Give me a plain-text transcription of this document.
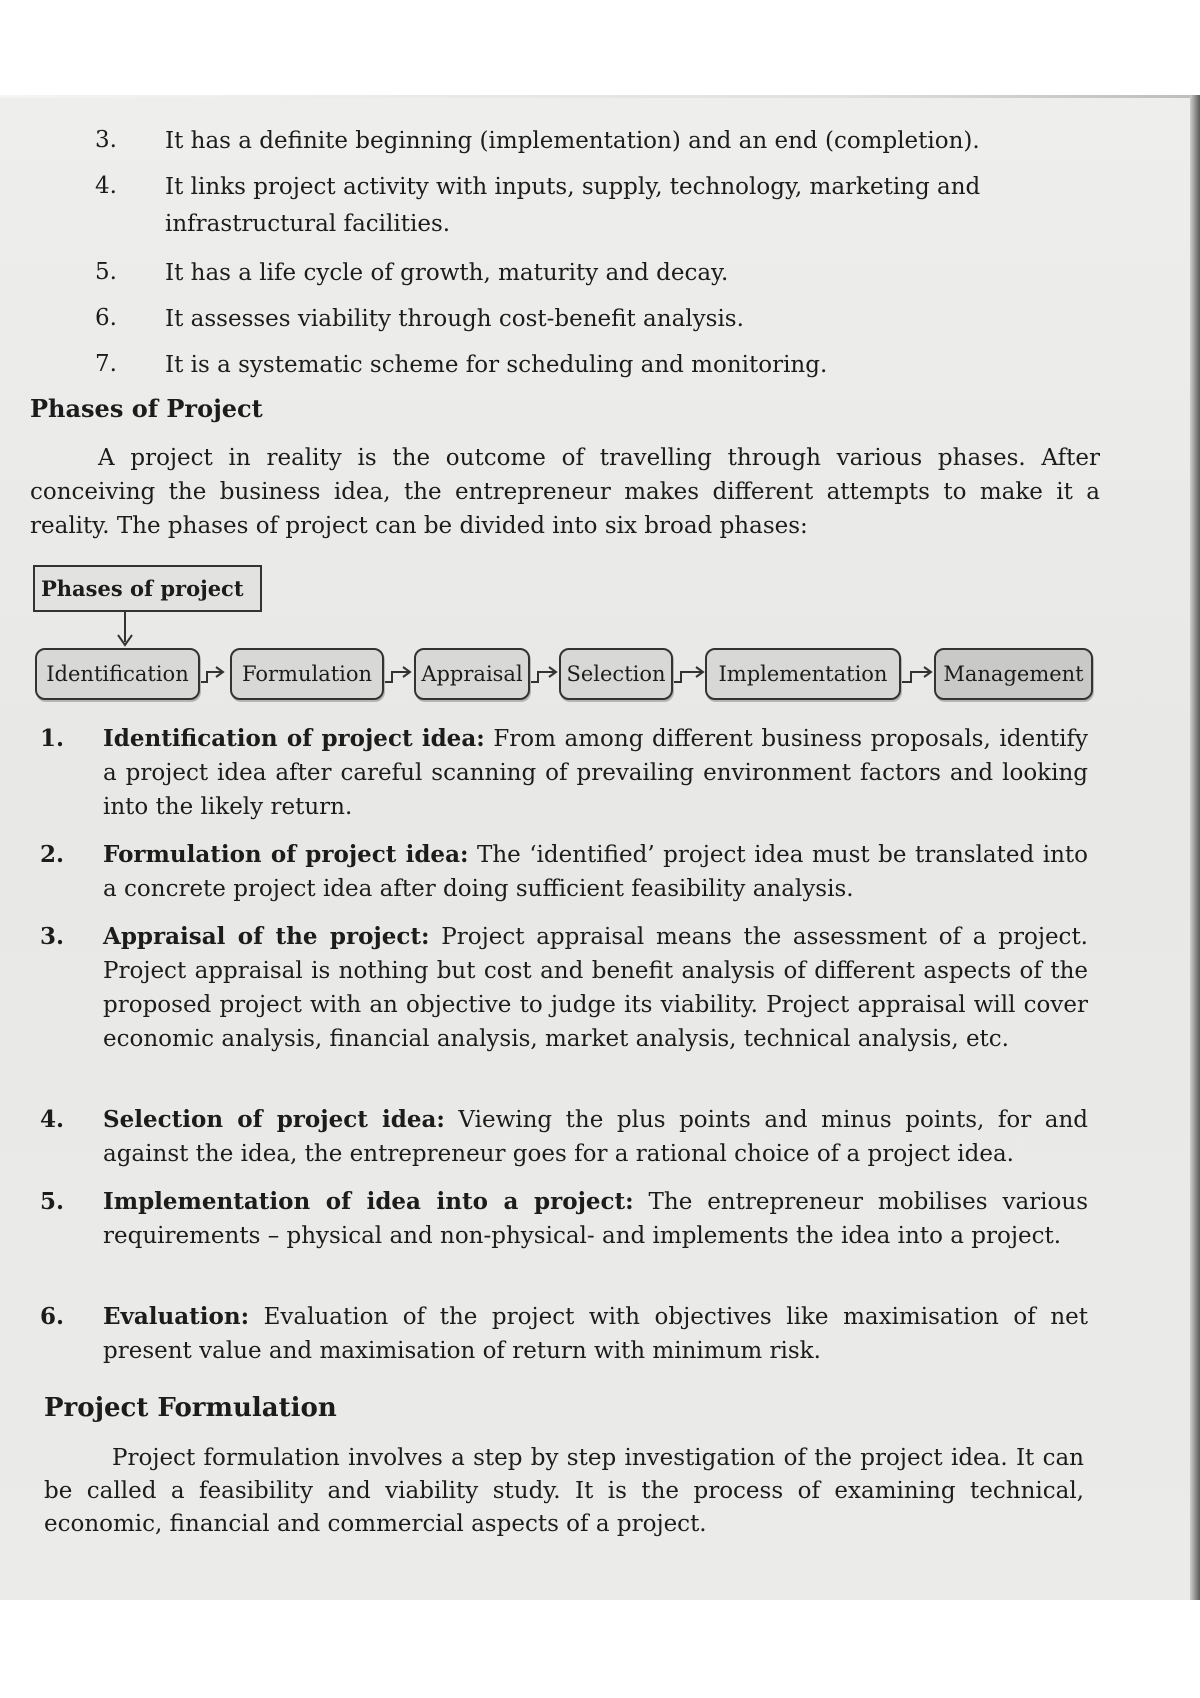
3.	It has a definite beginning (implementation) and an end (completion).
4.	It links project activity with inputs, supply, technology, marketing and infrastructural facilities.
5.	It has a life cycle of growth, maturity and decay.
6.	It assesses viability through cost-benefit analysis.
7.	It is a systematic scheme for scheduling and monitoring.
Phases of Project
A project in reality is the outcome of travelling through various phases. After conceiving the business idea, the entrepreneur makes different attempts to make it a reality. The phases of project can be divided into six broad phases:
Phases of project
Identification	Formulation	Appraisal	Selection	Implementation	Management
1. Identification of project idea: From among different business proposals, identify a project idea after careful scanning of prevailing environment factors and looking into the likely return.
2. Formulation of project idea: The ‘identified’ project idea must be translated into a concrete project idea after doing sufficient feasibility analysis.
3. Appraisal of the project: Project appraisal means the assessment of a project. Project appraisal is nothing but cost and benefit analysis of different aspects of the proposed project with an objective to judge its viability. Project appraisal will cover economic analysis, financial analysis, market analysis, technical analysis, etc.
4. Selection of project idea: Viewing the plus points and minus points, for and against the idea, the entrepreneur goes for a rational choice of a project idea.
5. Implementation of idea into a project: The entrepreneur mobilises various requirements – physical and non-physical- and implements the idea into a project.
6. Evaluation: Evaluation of the project with objectives like maximisation of net present value and maximisation of return with minimum risk.
Project Formulation
Project formulation involves a step by step investigation of the project idea. It can be called a feasibility and viability study. It is the process of examining technical, economic, financial and commercial aspects of a project.
